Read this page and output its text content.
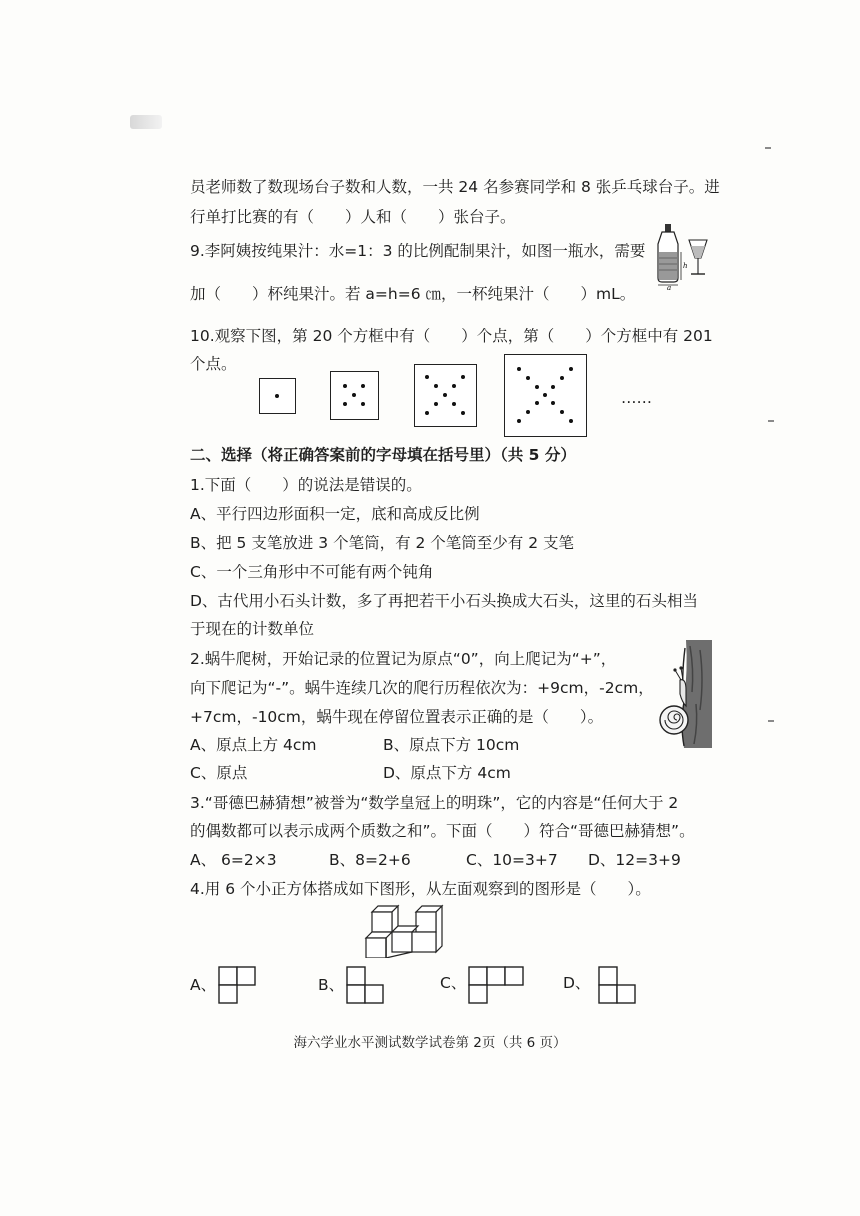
员老师数了数现场台子数和人数，一共 24 名参赛同学和 8 张乒乓球台子。进
行单打比赛的有（　　）人和（　　）张台子。
9.李阿姨按纯果汁：水=1：3 的比例配制果汁，如图一瓶水，需要
加（　　）杯纯果汁。若 a=h=6 ㎝，一杯纯果汁（　　）mL。	a
h
10.观察下图，第 20 个方框中有（　　）个点，第（　　）个方框中有 201
个点。
……
二、选择（将正确答案前的字母填在括号里）（共 5 分）
1.下面（　　）的说法是错误的。
A、平行四边形面积一定，底和高成反比例
B、把 5 支笔放进 3 个笔筒，有 2 个笔筒至少有 2 支笔
C、一个三角形中不可能有两个钝角
D、古代用小石头计数，多了再把若干小石头换成大石头，这里的石头相当
于现在的计数单位
2.蜗牛爬树，开始记录的位置记为原点“0”，向上爬记为“+”，
向下爬记为“-”。蜗牛连续几次的爬行历程依次为：+9cm，-2cm，
+7cm，-10cm，蜗牛现在停留位置表示正确的是（　　）。
A、原点上方 4cm	B、原点下方 10cm
C、原点	D、原点下方 4cm
3.“哥德巴赫猜想”被誉为“数学皇冠上的明珠”，它的内容是“任何大于 2
的偶数都可以表示成两个质数之和”。下面（　　）符合“哥德巴赫猜想”。
A、 6=2×3	B、8=2+6	C、10=3+7 D、12=3+9
4.用 6 个小正方体搭成如下图形，从左面观察到的图形是（　　）。
A、	B、	C、	D、
海六学业水平测试数学试卷第 2页（共 6 页）
